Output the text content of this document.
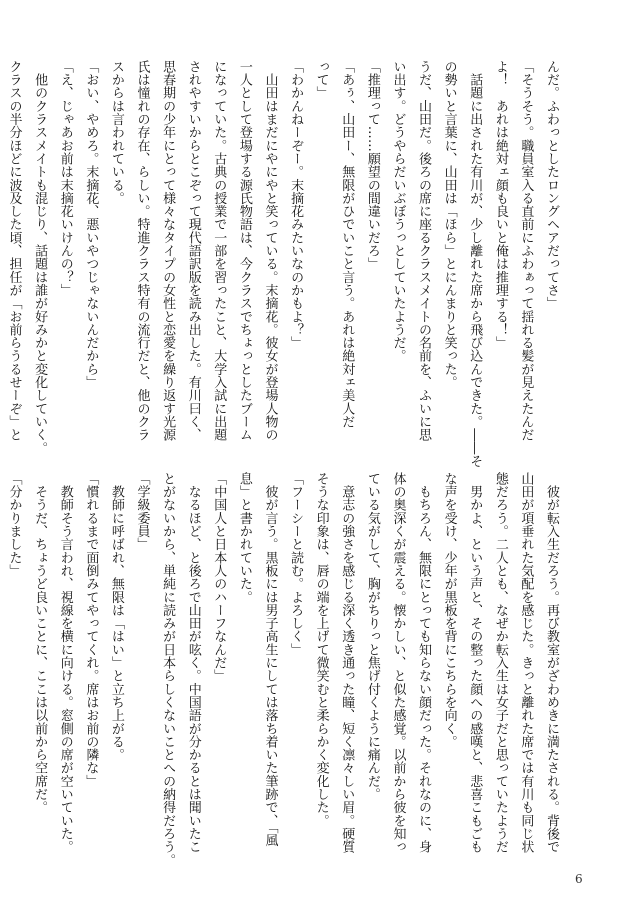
んだ。ふわっとしたロングヘアだってさ」

「そうそう。職員室入る直前にふわぁって揺れる髪が見えたんだ

よ！　あれは絶対ェ顔も良いと俺は推理する！」

　話題に出された有川が、少し離れた席から飛び込んできた。――そ

の勢いと言葉に、山田は「ほら」とにんまりと笑った。

うだ、山田だ。後ろの席に座るクラスメイトの名前を、ふいに思

い出す。どうやらだいぶぼうっとしていたようだ。

「推理って……願望の間違いだろ」

「あぅ、山田ー、無限がひでいこと言う。あれは絶対ェ美人だ

って」

「わかんねーぞー。末摘花みたいなのかもよ？」

　山田はまだにやにやと笑っている。末摘花。彼女が登場人物の

一人として登場する源氏物語は、今クラスでちょっとしたブーム

になっていた。古典の授業で一部を習ったこと、大学入試に出題

されやすいからとこぞって現代語訳版を読み出した。有川曰く、

思春期の少年にとって様々なタイプの女性と恋愛を繰り返す光源

氏は憧れの存在、らしい。特進クラス特有の流行だと、他のクラ

スからは言われている。

「おい、やめろ。末摘花、悪いやつじゃないんだから」

「え、じゃあお前は末摘花いけんの？」

　他のクラスメイトも混じり、話題は誰が好みかと変化していく。

クラスの半分ほどに波及した頃、担任が「お前らうるせーぞ」と

　彼が転入生だろう。再び教室がざわめきに満たされる。背後で

山田が項垂れた気配を感じた。きっと離れた席では有川も同じ状

態だろう。二人とも、なぜか転入生は女子だと思っていたようだ

　男かよ、という声と、その整った顔への感嘆と、悲喜こもごも

な声を受け、少年が黒板を背にこちらを向く。

　もちろん、無限にとっても知らない顔だった。それなのに、身

体の奥深くが震える。懐かしい、と似た感覚。以前から彼を知っ

ている気がして、胸がちりっと焦げ付くように痛んだ。

　意志の強さを感じる深く透き通った瞳、短く凛々しい眉。硬質

そうな印象は、唇の端を上げて微笑むと柔らかく変化した。

「フーシーと読む。よろしく」

　彼が言う。黒板には男子高生にしては落ち着いた筆跡で、「風

息」と書かれていた。

「中国人と日本人のハーフなんだ」

　なるほど、と後ろで山田が呟く。中国語が分かるとは聞いたこ

とがないから、単純に読みが日本らしくないことへの納得だろう。

「学級委員」

　教師に呼ばれ、無限は「はい」と立ち上がる。

「慣れるまで面倒みてやってくれ。席はお前の隣な」

　教師そう言われ、視線を横に向ける。窓側の席が空いていた。

　そうだ、ちょうど良いことに、ここは以前から空席だ。

「分かりました」

6
